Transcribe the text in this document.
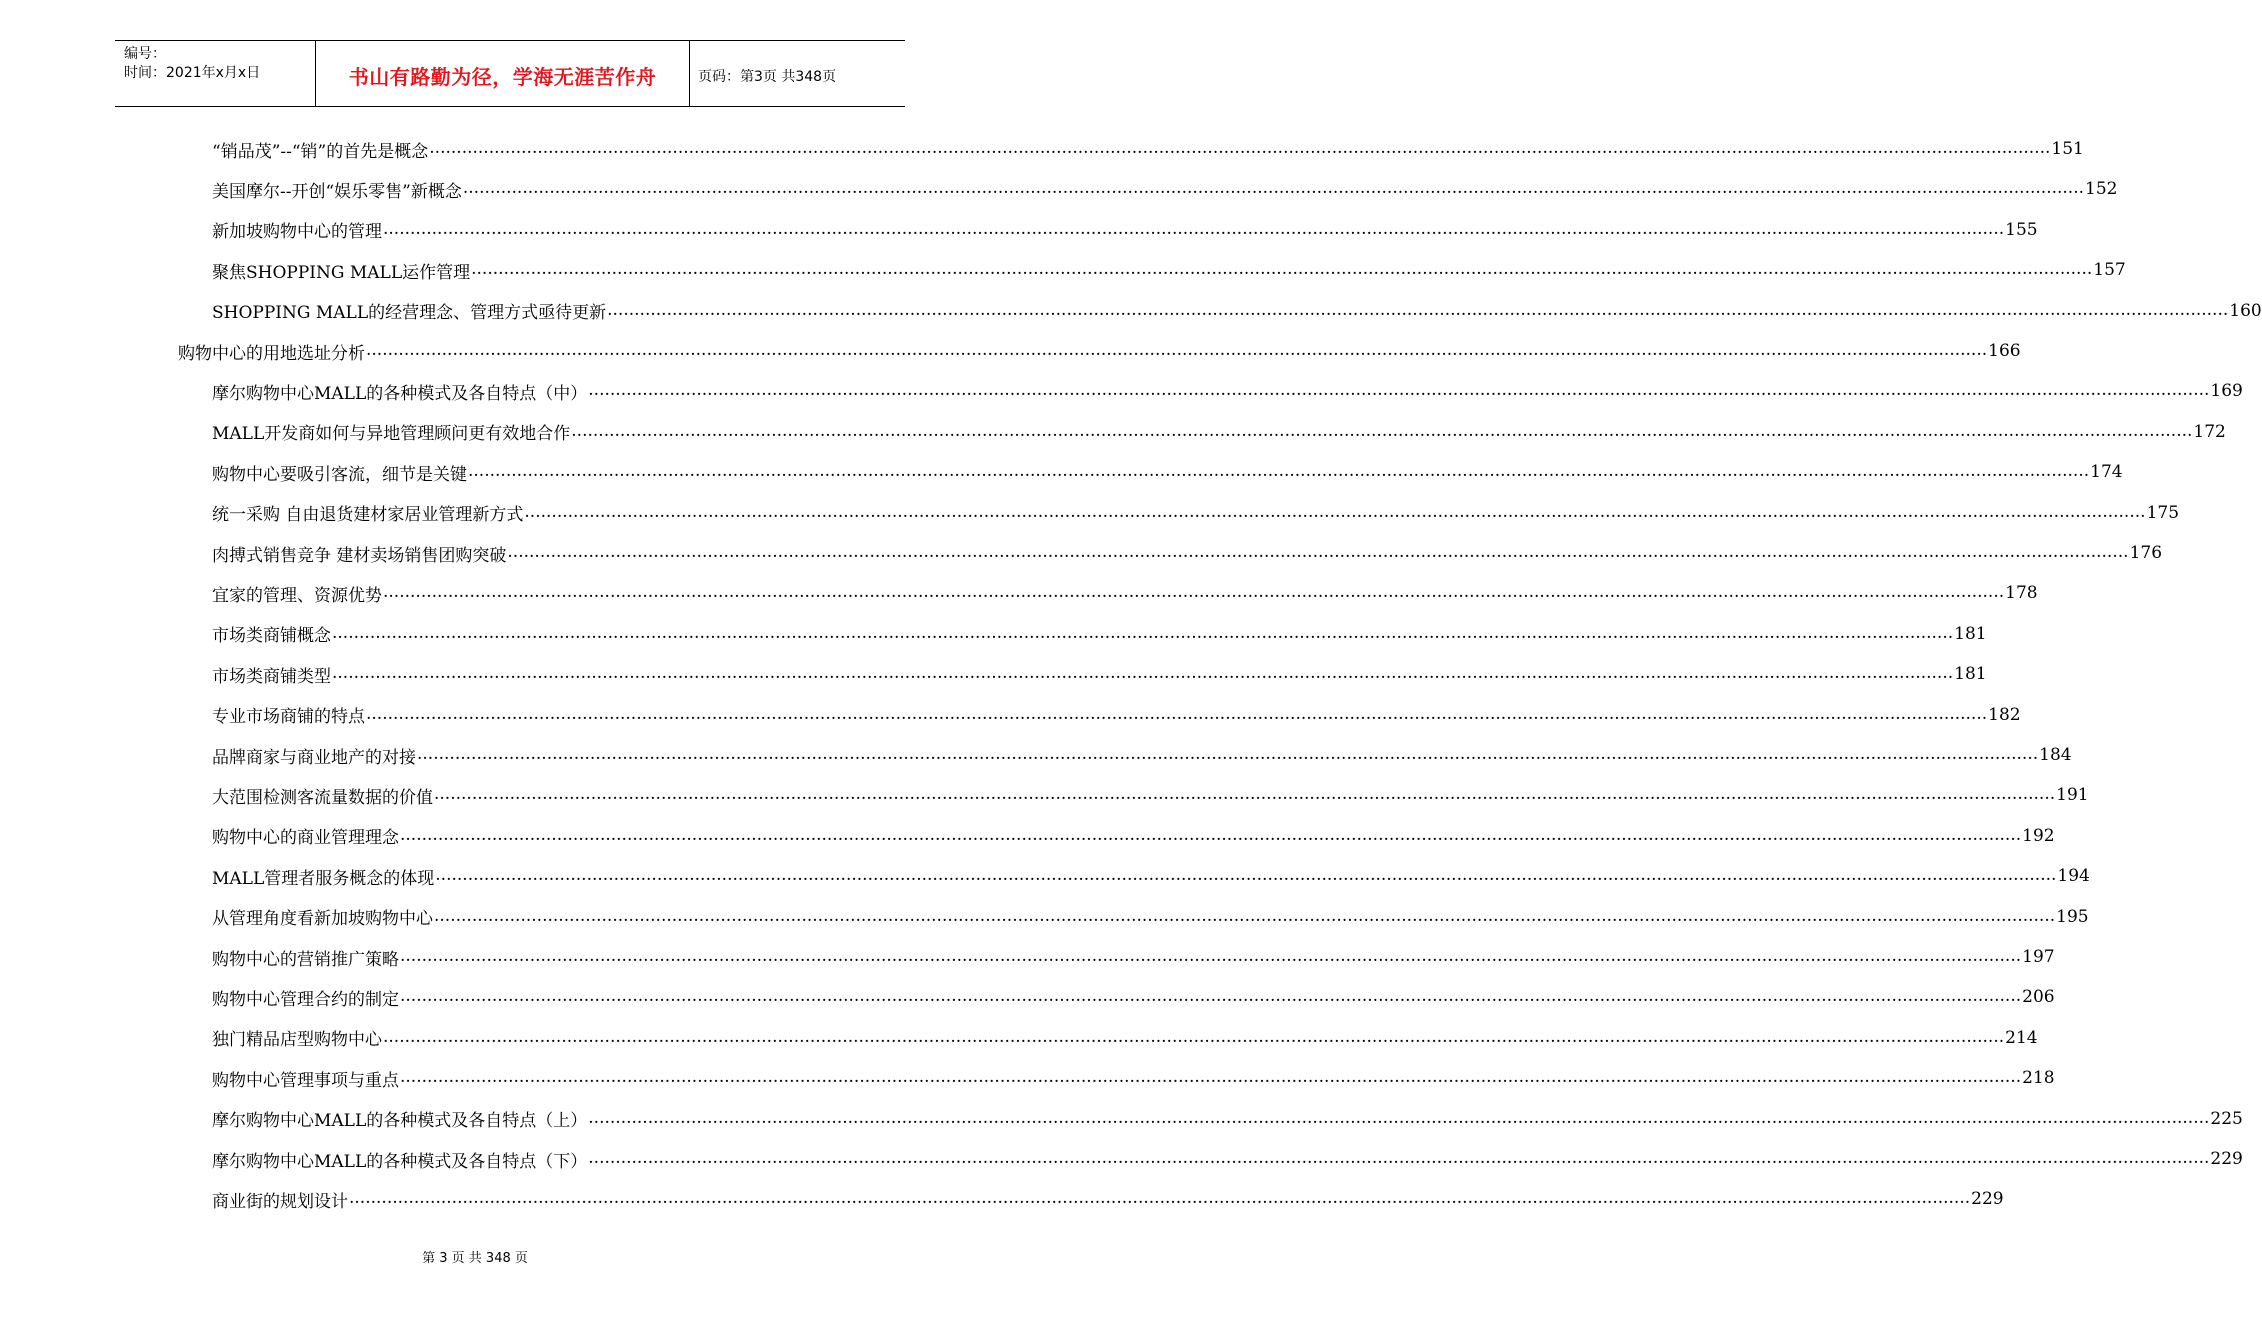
编号：
时间：2021年x月x日	书山有路勤为径，学海无涯苦作舟	页码：第3页 共348页
“销品茂”--“销”的首先是概念 ............................................................................................................................................................................................................................................................................................................ 151
美国摩尔--开创“娱乐零售”新概念 ............................................................................................................................................................................................................................................................................................................ 152
新加坡购物中心的管理 ............................................................................................................................................................................................................................................................................................................ 155
聚焦SHOPPING MALL运作管理 ............................................................................................................................................................................................................................................................................................................ 157
SHOPPING MALL的经营理念、管理方式亟待更新 ............................................................................................................................................................................................................................................................................................................ 160
购物中心的用地选址分析 ............................................................................................................................................................................................................................................................................................................ 166
摩尔购物中心MALL的各种模式及各自特点（中） ............................................................................................................................................................................................................................................................................................................ 169
MALL开发商如何与异地管理顾问更有效地合作 ............................................................................................................................................................................................................................................................................................................ 172
购物中心要吸引客流，细节是关键 ............................................................................................................................................................................................................................................................................................................ 174
统一采购 自由退货建材家居业管理新方式 ............................................................................................................................................................................................................................................................................................................ 175
肉搏式销售竞争 建材卖场销售团购突破 ............................................................................................................................................................................................................................................................................................................ 176
宜家的管理、资源优势 ............................................................................................................................................................................................................................................................................................................ 178
市场类商铺概念 ............................................................................................................................................................................................................................................................................................................ 181
市场类商铺类型 ............................................................................................................................................................................................................................................................................................................ 181
专业市场商铺的特点 ............................................................................................................................................................................................................................................................................................................ 182
品牌商家与商业地产的对接 ............................................................................................................................................................................................................................................................................................................ 184
大范围检测客流量数据的价值 ............................................................................................................................................................................................................................................................................................................ 191
购物中心的商业管理理念 ............................................................................................................................................................................................................................................................................................................ 192
MALL管理者服务概念的体现 ............................................................................................................................................................................................................................................................................................................ 194
从管理角度看新加坡购物中心 ............................................................................................................................................................................................................................................................................................................ 195
购物中心的营销推广策略 ............................................................................................................................................................................................................................................................................................................ 197
购物中心管理合约的制定 ............................................................................................................................................................................................................................................................................................................ 206
独门精品店型购物中心 ............................................................................................................................................................................................................................................................................................................ 214
购物中心管理事项与重点 ............................................................................................................................................................................................................................................................................................................ 218
摩尔购物中心MALL的各种模式及各自特点（上） ............................................................................................................................................................................................................................................................................................................ 225
摩尔购物中心MALL的各种模式及各自特点（下） ............................................................................................................................................................................................................................................................................................................ 229
商业街的规划设计 ............................................................................................................................................................................................................................................................................................................ 229
第 3 页 共 348 页
